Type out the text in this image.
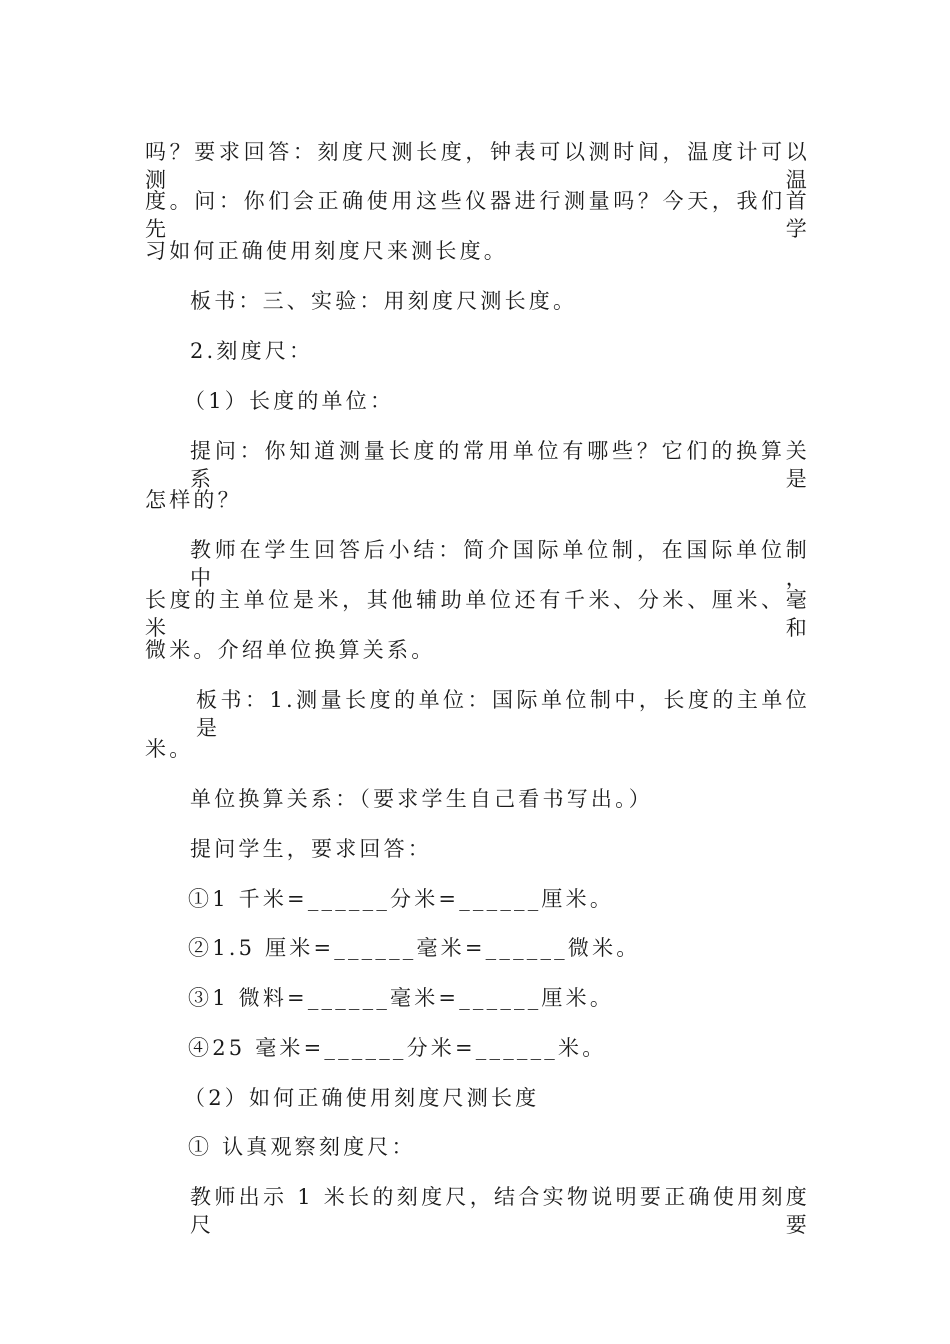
吗？要求回答：刻度尺测长度，钟表可以测时间，温度计可以测温
度。问：你们会正确使用这些仪器进行测量吗？今天，我们首先学
习如何正确使用刻度尺来测长度。
板书：三、实验：用刻度尺测长度。
2.刻度尺：
（1）长度的单位：
提问：你知道测量长度的常用单位有哪些？它们的换算关系是
怎样的？
教师在学生回答后小结：简介国际单位制，在国际单位制中，
长度的主单位是米，其他辅助单位还有千米、分米、厘米、毫米和
微米。介绍单位换算关系。
板书：1.测量长度的单位：国际单位制中，长度的主单位是
米。
单位换算关系：（要求学生自己看书写出。）
提问学生，要求回答：
①1 千米=______分米=______厘米。
②1.5 厘米=______毫米=______微米。
③1 微料=______毫米=______厘米。
④25 毫米=______分米=______米。
（2）如何正确使用刻度尺测长度
① 认真观察刻度尺：
教师出示 1 米长的刻度尺，结合实物说明要正确使用刻度尺要
